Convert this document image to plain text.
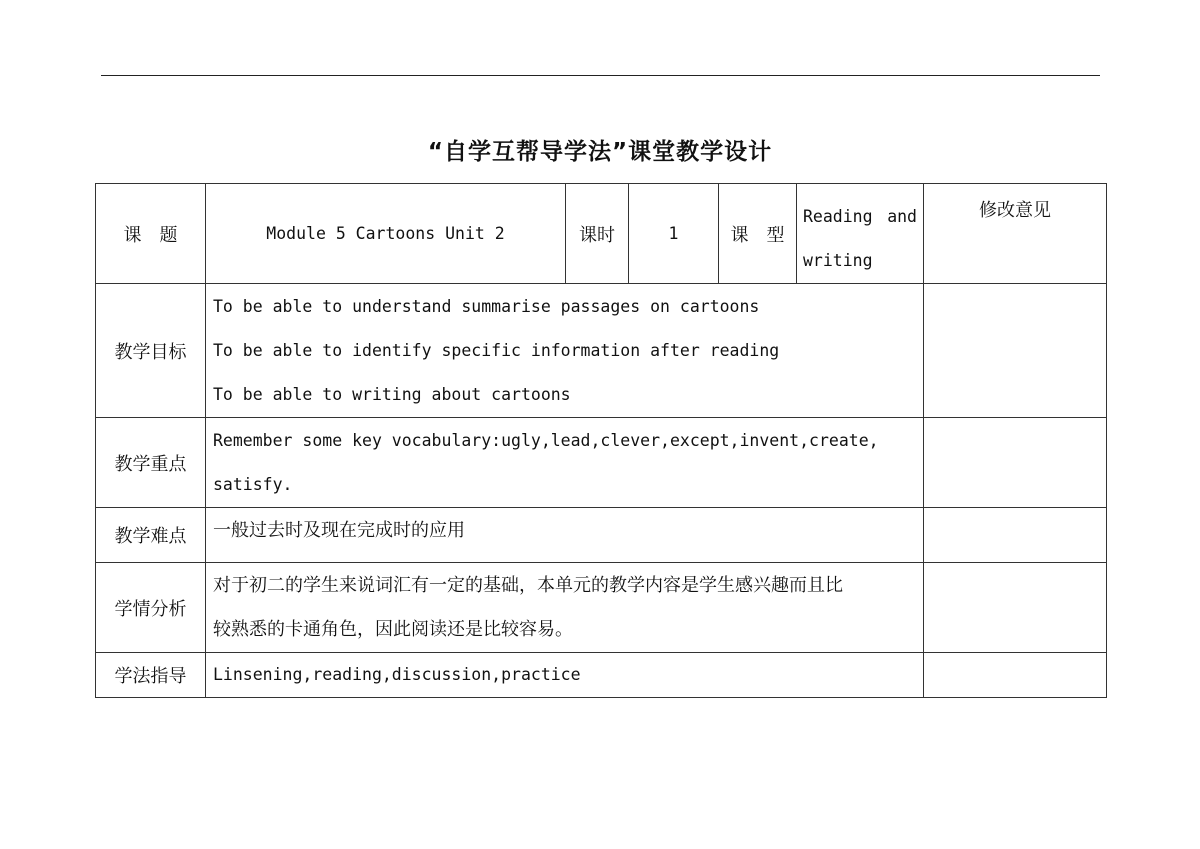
“自学互帮导学法”课堂教学设计
课　题	Module 5 Cartoons Unit 2	课时	1	课　型	Reading and
writing	修改意见
教学目标	To be able to understand summarise passages on cartoons
To be able to identify specific information after reading
To be able to writing about cartoons					

教学重点	Remember some key vocabulary:ugly,lead,clever,except,invent,create,
satisfy.					

教学难点	一般过去时及现在完成时的应用					
学情分析	对于初二的学生来说词汇有一定的基础，本单元的教学内容是学生感兴趣而且比
较熟悉的卡通角色，因此阅读还是比较容易。					

学法指导	Linsening,reading,discussion,practice					
